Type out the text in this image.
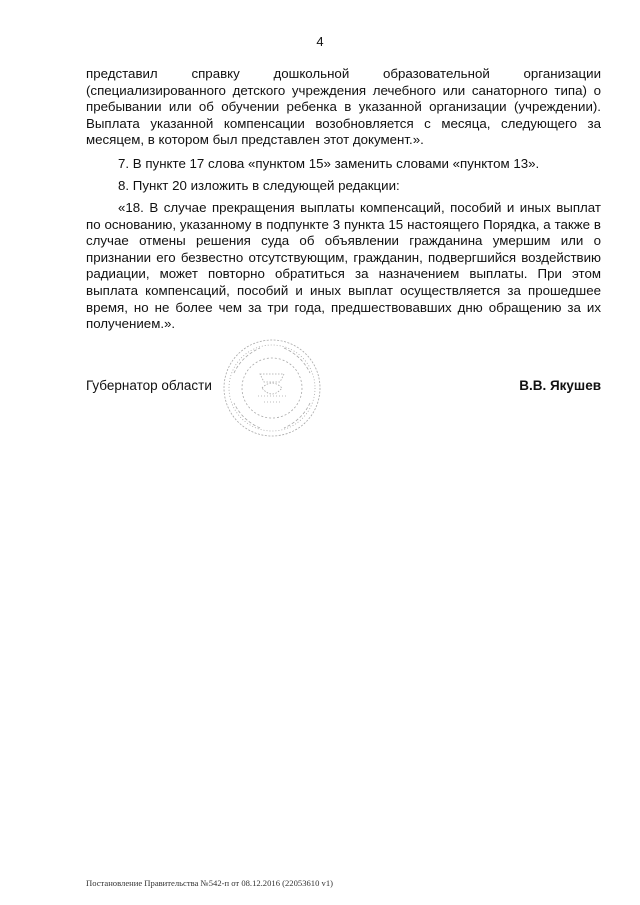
4

представил справку дошкольной образовательной организации (специализированного детского учреждения лечебного или санаторного типа) о пребывании или об обучении ребенка в указанной организации (учреждении). Выплата указанной компенсации возобновляется с месяца, следующего за месяцем, в котором был представлен этот документ.».

7. В пункте 17 слова «пунктом 15» заменить словами «пунктом 13».

8. Пункт 20 изложить в следующей редакции:

«18. В случае прекращения выплаты компенсаций, пособий и иных выплат по основанию, указанному в подпункте 3 пункта 15 настоящего Порядка, а также в случае отмены решения суда об объявлении гражданина умершим или о признании его безвестно отсутствующим, гражданин, подвергшийся воздействию радиации, может повторно обратиться за назначением выплаты. При этом выплата компенсаций, пособий и иных выплат осуществляется за прошедшее время, но не более чем за три года, предшествовавших дню обращению за их получением.».

Губернатор области	В.В. Якушев
Постановление Правительства №542-п от 08.12.2016 (22053610 v1)
